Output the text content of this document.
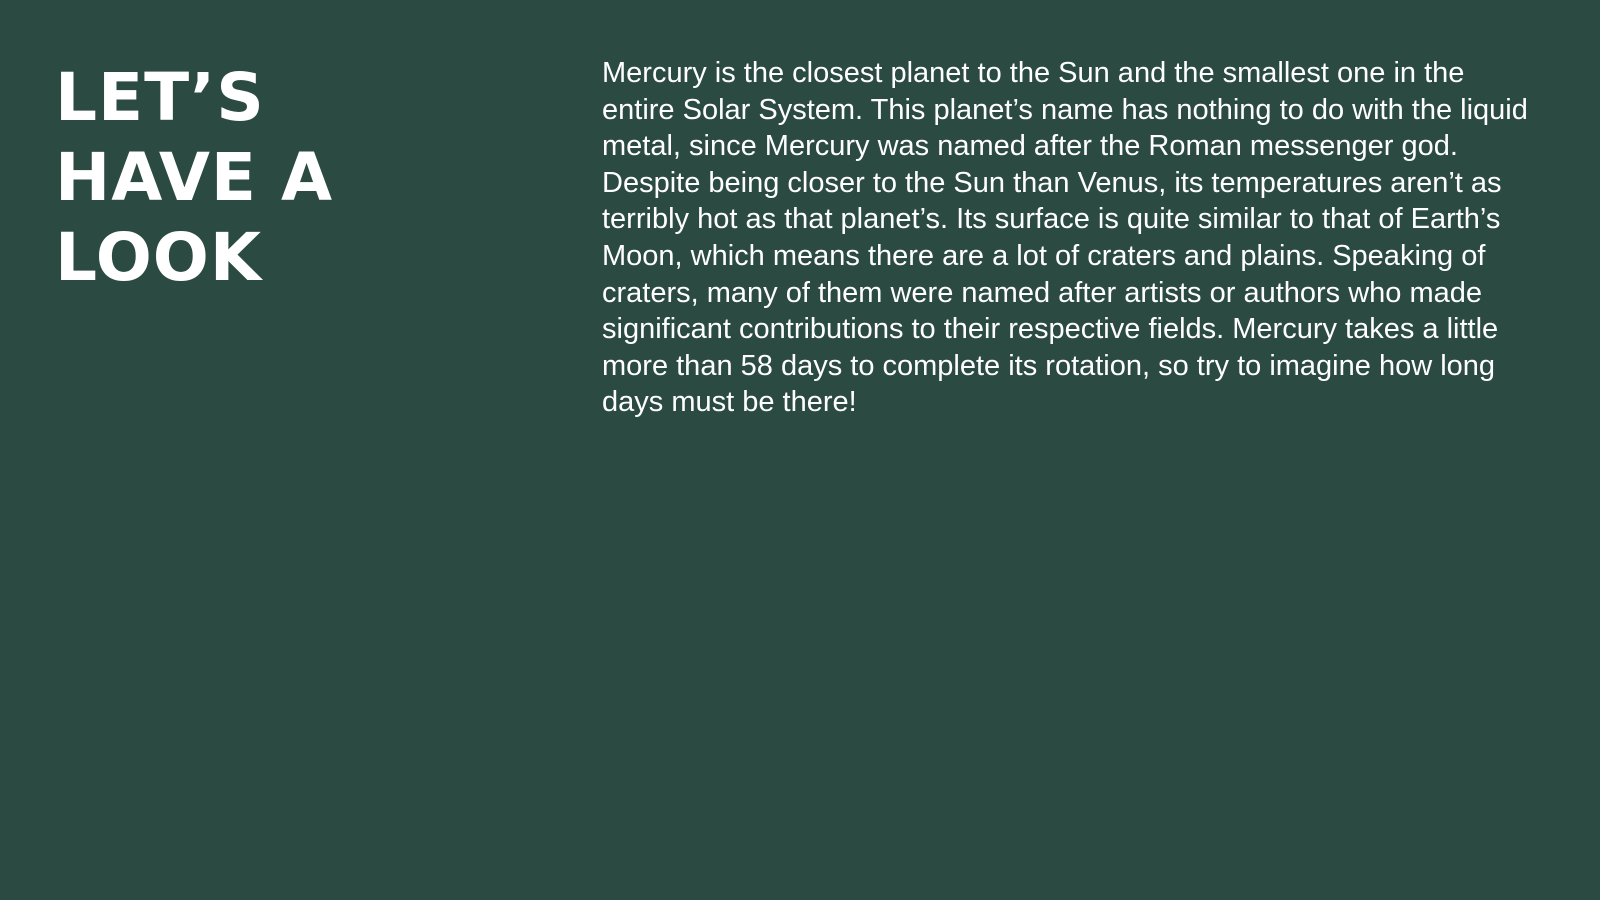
LET’S
HAVE A
LOOK

Mercury is the closest planet to the Sun and the smallest one in the entire Solar System. This planet’s name has nothing to do with the liquid metal, since Mercury was named after the Roman messenger god. Despite being closer to the Sun than Venus, its temperatures aren’t as terribly hot as that planet’s. Its surface is quite similar to that of Earth’s Moon, which means there are a lot of craters and plains. Speaking of craters, many of them were named after artists or authors who made significant contributions to their respective fields. Mercury takes a little more than 58 days to complete its rotation, so try to imagine how long days must be there!
